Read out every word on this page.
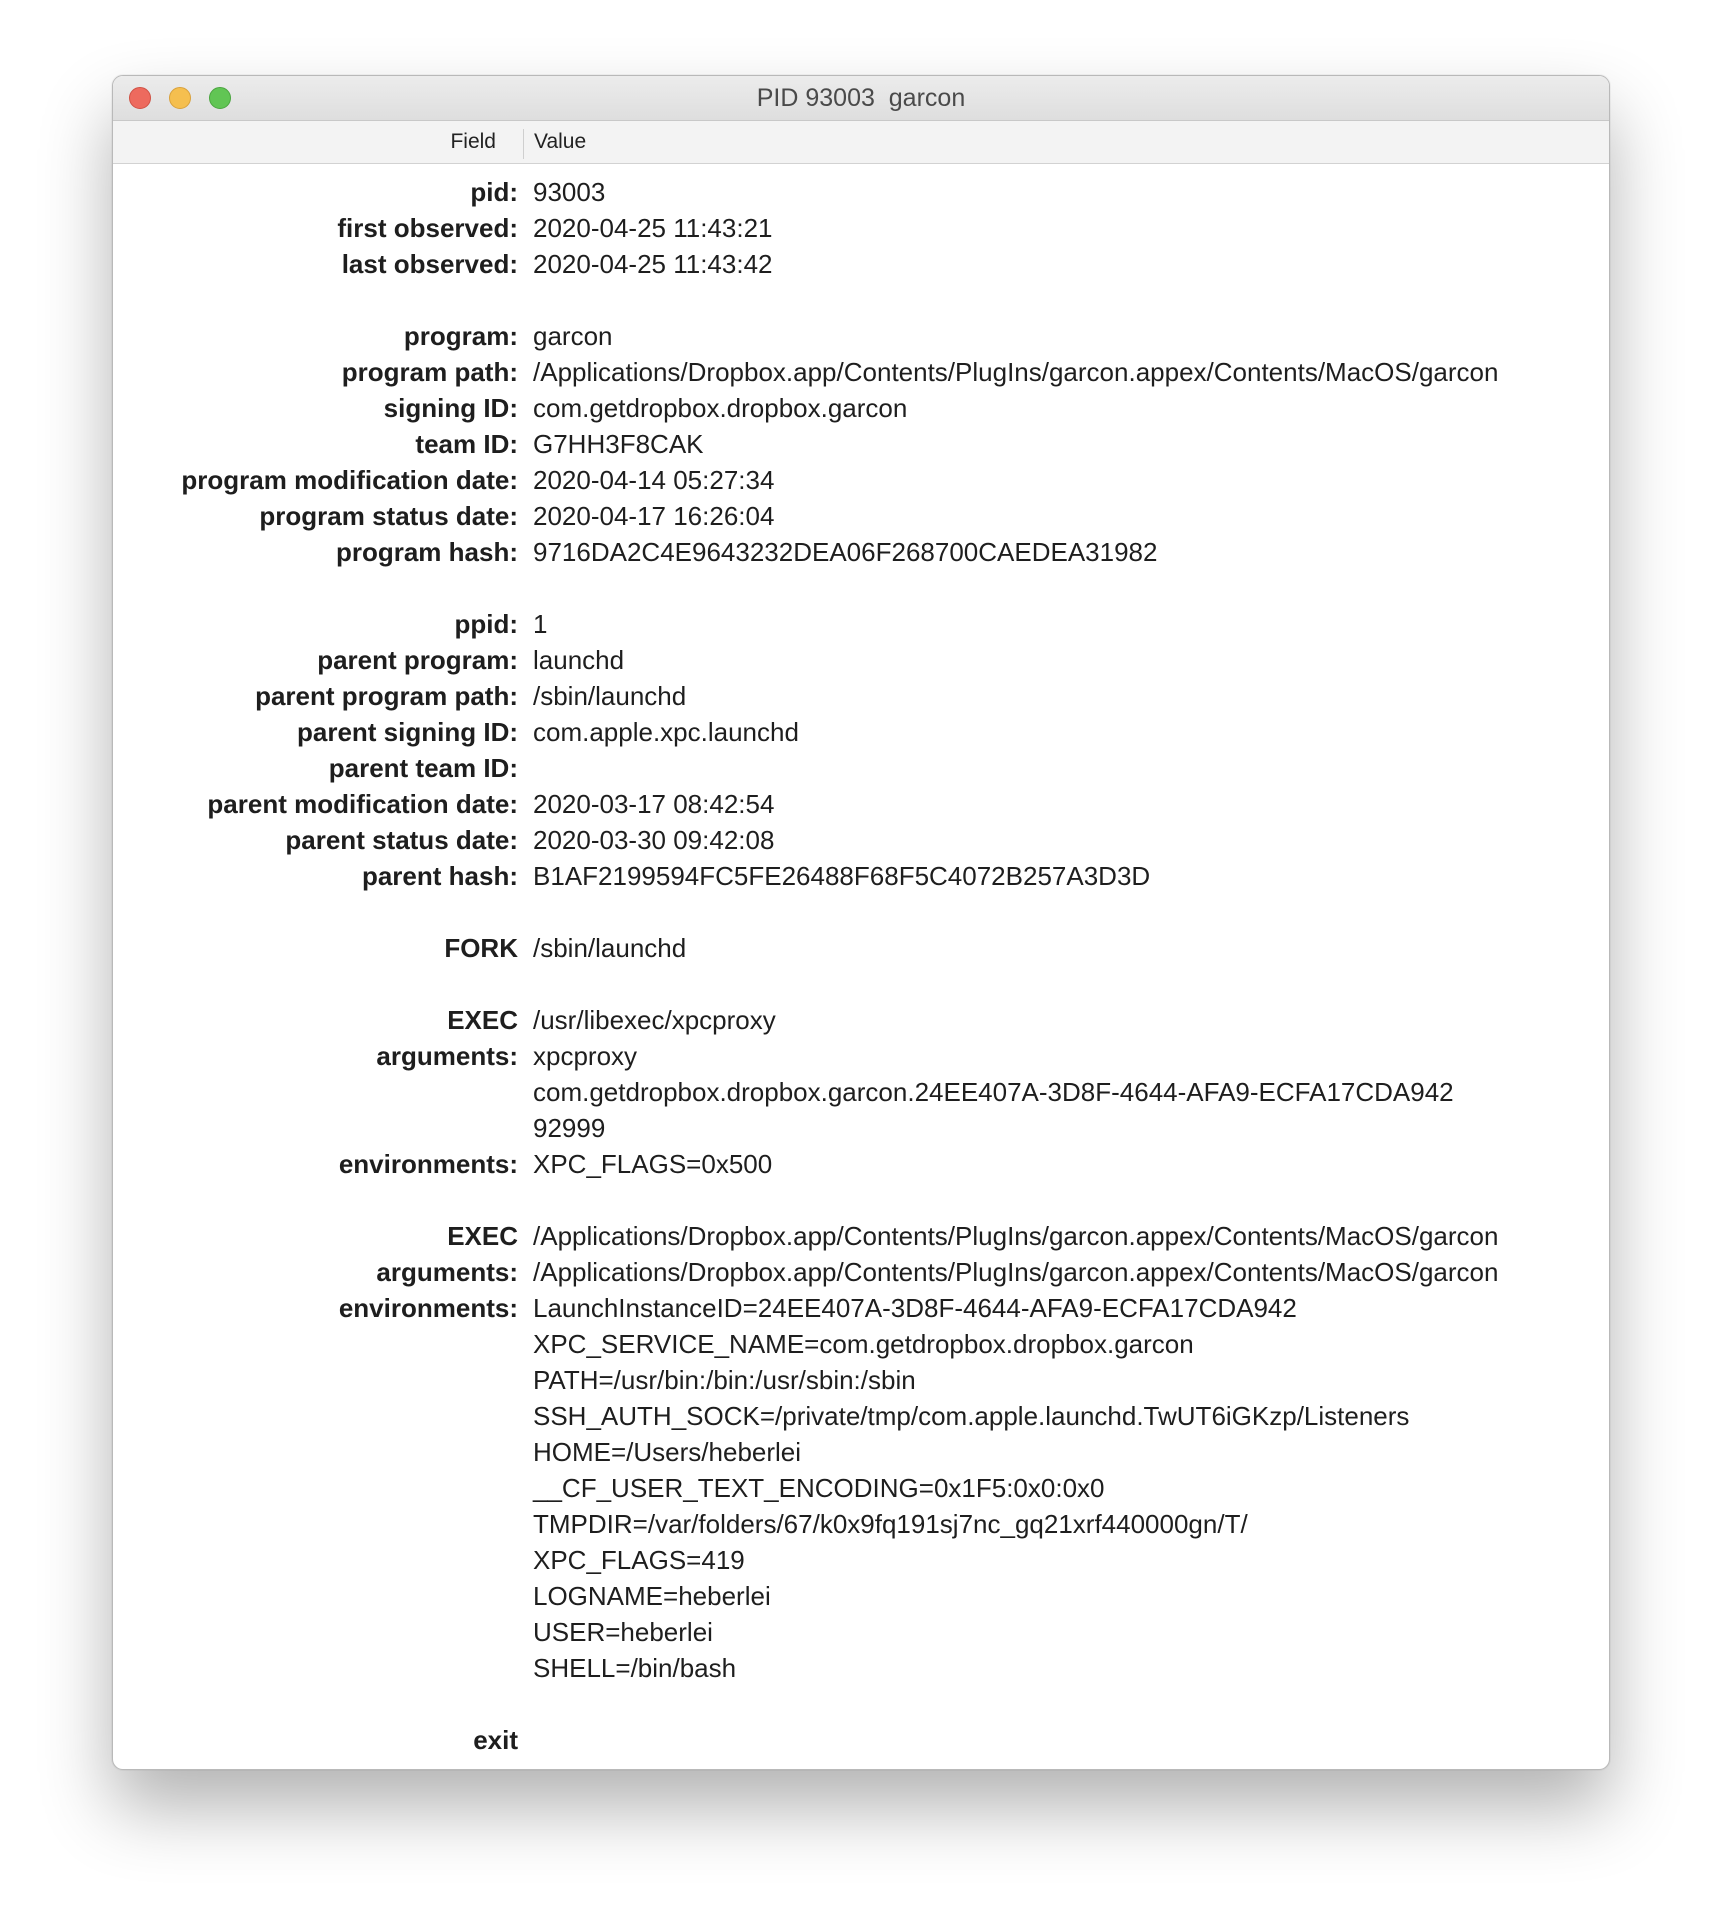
PID 93003  garcon
Field Value
pid: 93003
first observed: 2020-04-25 11:43:21
last observed: 2020-04-25 11:43:42
program: garcon
program path: /Applications/Dropbox.app/Contents/PlugIns/garcon.appex/Contents/MacOS/garcon
signing ID: com.getdropbox.dropbox.garcon
team ID: G7HH3F8CAK
program modification date: 2020-04-14 05:27:34
program status date: 2020-04-17 16:26:04
program hash: 9716DA2C4E9643232DEA06F268700CAEDEA31982
ppid: 1
parent program: launchd
parent program path: /sbin/launchd
parent signing ID: com.apple.xpc.launchd
parent team ID:
parent modification date: 2020-03-17 08:42:54
parent status date: 2020-03-30 09:42:08
parent hash: B1AF2199594FC5FE26488F68F5C4072B257A3D3D
FORK /sbin/launchd
EXEC /usr/libexec/xpcproxy
arguments: xpcproxy
com.getdropbox.dropbox.garcon.24EE407A-3D8F-4644-AFA9-ECFA17CDA942
92999
environments: XPC_FLAGS=0x500
EXEC /Applications/Dropbox.app/Contents/PlugIns/garcon.appex/Contents/MacOS/garcon
arguments: /Applications/Dropbox.app/Contents/PlugIns/garcon.appex/Contents/MacOS/garcon
environments: LaunchInstanceID=24EE407A-3D8F-4644-AFA9-ECFA17CDA942
XPC_SERVICE_NAME=com.getdropbox.dropbox.garcon
PATH=/usr/bin:/bin:/usr/sbin:/sbin
SSH_AUTH_SOCK=/private/tmp/com.apple.launchd.TwUT6iGKzp/Listeners
HOME=/Users/heberlei
__CF_USER_TEXT_ENCODING=0x1F5:0x0:0x0
TMPDIR=/var/folders/67/k0x9fq191sj7nc_gq21xrf440000gn/T/
XPC_FLAGS=419
LOGNAME=heberlei
USER=heberlei
SHELL=/bin/bash
exit
